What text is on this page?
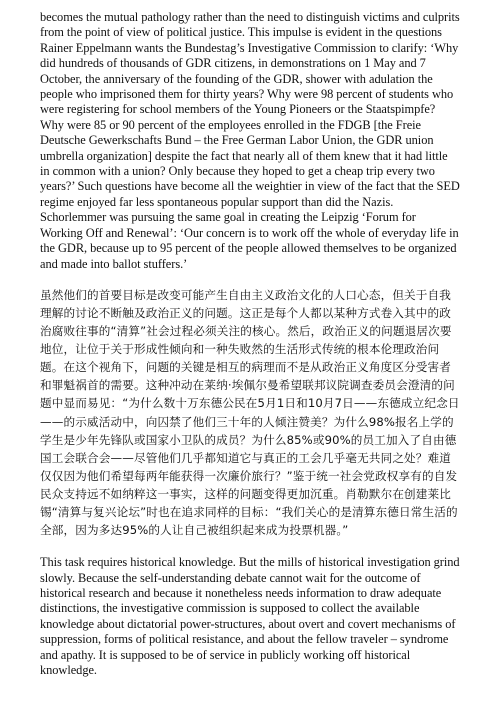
becomes the mutual pathology rather than the need to distinguish victims and culprits from the point of view of political justice. This impulse is evident in the questions Rainer Eppelmann wants the Bundestag’s Investigative Commission to clarify: ‘Why did hundreds of thousands of GDR citizens, in demonstrations on 1 May and 7 October, the anniversary of the founding of the GDR, shower with adulation the people who imprisoned them for thirty years? Why were 98 percent of students who were registering for school members of the Young Pioneers or the Staatspimpfe? Why were 85 or 90 percent of the employees enrolled in the FDGB [the Freie Deutsche Gewerkschafts Bund – the Free German Labor Union, the GDR union umbrella organization] despite the fact that nearly all of them knew that it had little in common with a union? Only because they hoped to get a cheap trip every two years?’ Such questions have become all the weightier in view of the fact that the SED regime enjoyed far less spontaneous popular support than did the Nazis. Schorlemmer was pursuing the same goal in creating the Leipzig ‘Forum for Working Off and Renewal’: ‘Our concern is to work off the whole of everyday life in the GDR, because up to 95 percent of the people allowed themselves to be organized and made into ballot stuffers.’

虽然他们的首要目标是改变可能产生自由主义政治文化的人口心态，但关于自我理解的讨论不断触及政治正义的问题。这正是每个人都以某种方式卷入其中的政治腐败往事的“清算”社会过程必须关注的核心。然后，政治正义的问题退居次要地位，让位于关于形成性倾向和一种失败然的生活形式传统的根本伦理政治问题。在这个视角下，问题的关键是相互的病理而不是从政治正义角度区分受害者和罪魁祸首的需要。这种冲动在莱纳·埃佩尔曼希望联邦议院调查委员会澄清的问题中显而易见：“为什么数十万东德公民在5月1日和10月7日——东德成立纪念日——的示威活动中，向囚禁了他们三十年的人倾注赞美？为什么98%报名上学的学生是少年先锋队或国家小卫队的成员？为什么85%或90%的员工加入了自由德国工会联合会——尽管他们几乎都知道它与真正的工会几乎毫无共同之处？难道仅仅因为他们希望每两年能获得一次廉价旅行？”鉴于统一社会党政权享有的自发民众支持远不如纳粹这一事实，这样的问题变得更加沉重。肖勒默尔在创建莱比锡“清算与复兴论坛”时也在追求同样的目标：“我们关心的是清算东德日常生活的全部，因为多达95%的人让自己被组织起来成为投票机器。”

This task requires historical knowledge. But the mills of historical investigation grind slowly. Because the self-understanding debate cannot wait for the outcome of historical research and because it nonetheless needs information to draw adequate distinctions, the investigative commission is supposed to collect the available knowledge about dictatorial power-structures, about overt and covert mechanisms of suppression, forms of political resistance, and about the fellow traveler – syndrome and apathy. It is supposed to be of service in publicly working off historical knowledge.
